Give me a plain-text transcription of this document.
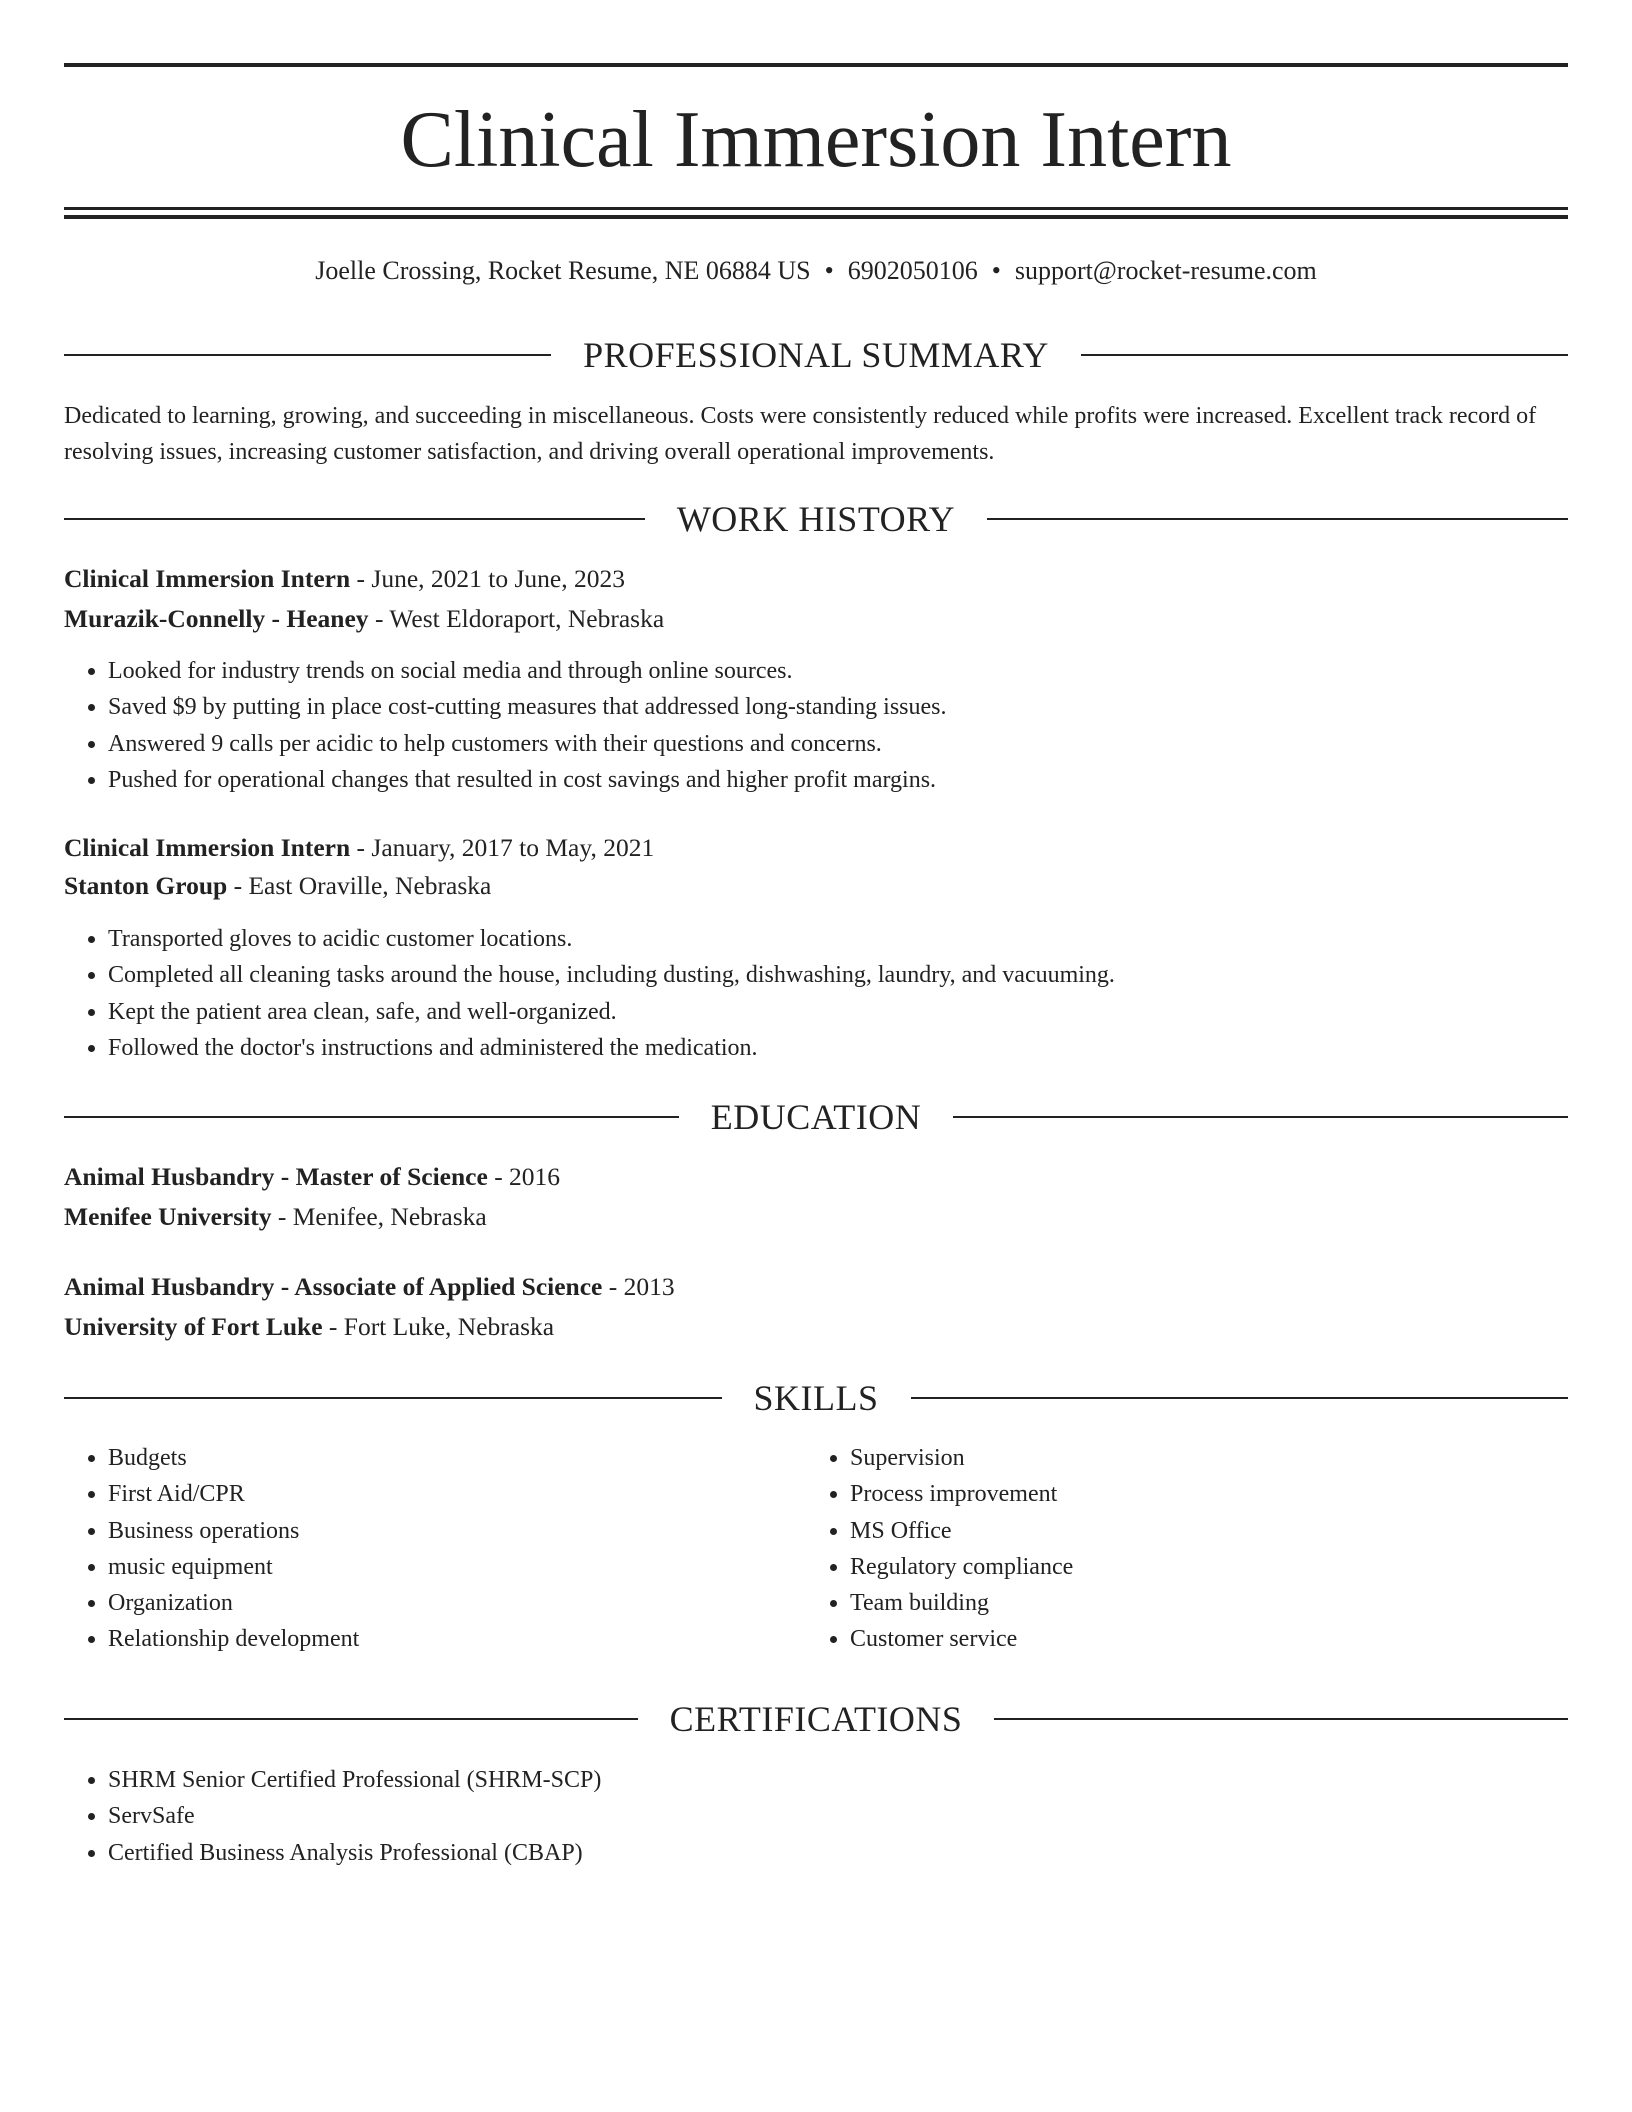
Clinical Immersion Intern
Joelle Crossing, Rocket Resume, NE 06884 US • 6902050106 • support@rocket-resume.com
PROFESSIONAL SUMMARY
Dedicated to learning, growing, and succeeding in miscellaneous. Costs were consistently reduced while profits were increased. Excellent track record of resolving issues, increasing customer satisfaction, and driving overall operational improvements.
WORK HISTORY
Clinical Immersion Intern - June, 2021 to June, 2023
Murazik-Connelly - Heaney - West Eldoraport, Nebraska
• Looked for industry trends on social media and through online sources.
• Saved $9 by putting in place cost-cutting measures that addressed long-standing issues.
• Answered 9 calls per acidic to help customers with their questions and concerns.
• Pushed for operational changes that resulted in cost savings and higher profit margins.
Clinical Immersion Intern - January, 2017 to May, 2021
Stanton Group - East Oraville, Nebraska
• Transported gloves to acidic customer locations.
• Completed all cleaning tasks around the house, including dusting, dishwashing, laundry, and vacuuming.
• Kept the patient area clean, safe, and well-organized.
• Followed the doctor's instructions and administered the medication.
EDUCATION
Animal Husbandry - Master of Science - 2016
Menifee University - Menifee, Nebraska
Animal Husbandry - Associate of Applied Science - 2013
University of Fort Luke - Fort Luke, Nebraska
SKILLS
• Budgets
• First Aid/CPR
• Business operations
• music equipment
• Organization
• Relationship development
• Supervision
• Process improvement
• MS Office
• Regulatory compliance
• Team building
• Customer service
CERTIFICATIONS
• SHRM Senior Certified Professional (SHRM-SCP)
• ServSafe
• Certified Business Analysis Professional (CBAP)
